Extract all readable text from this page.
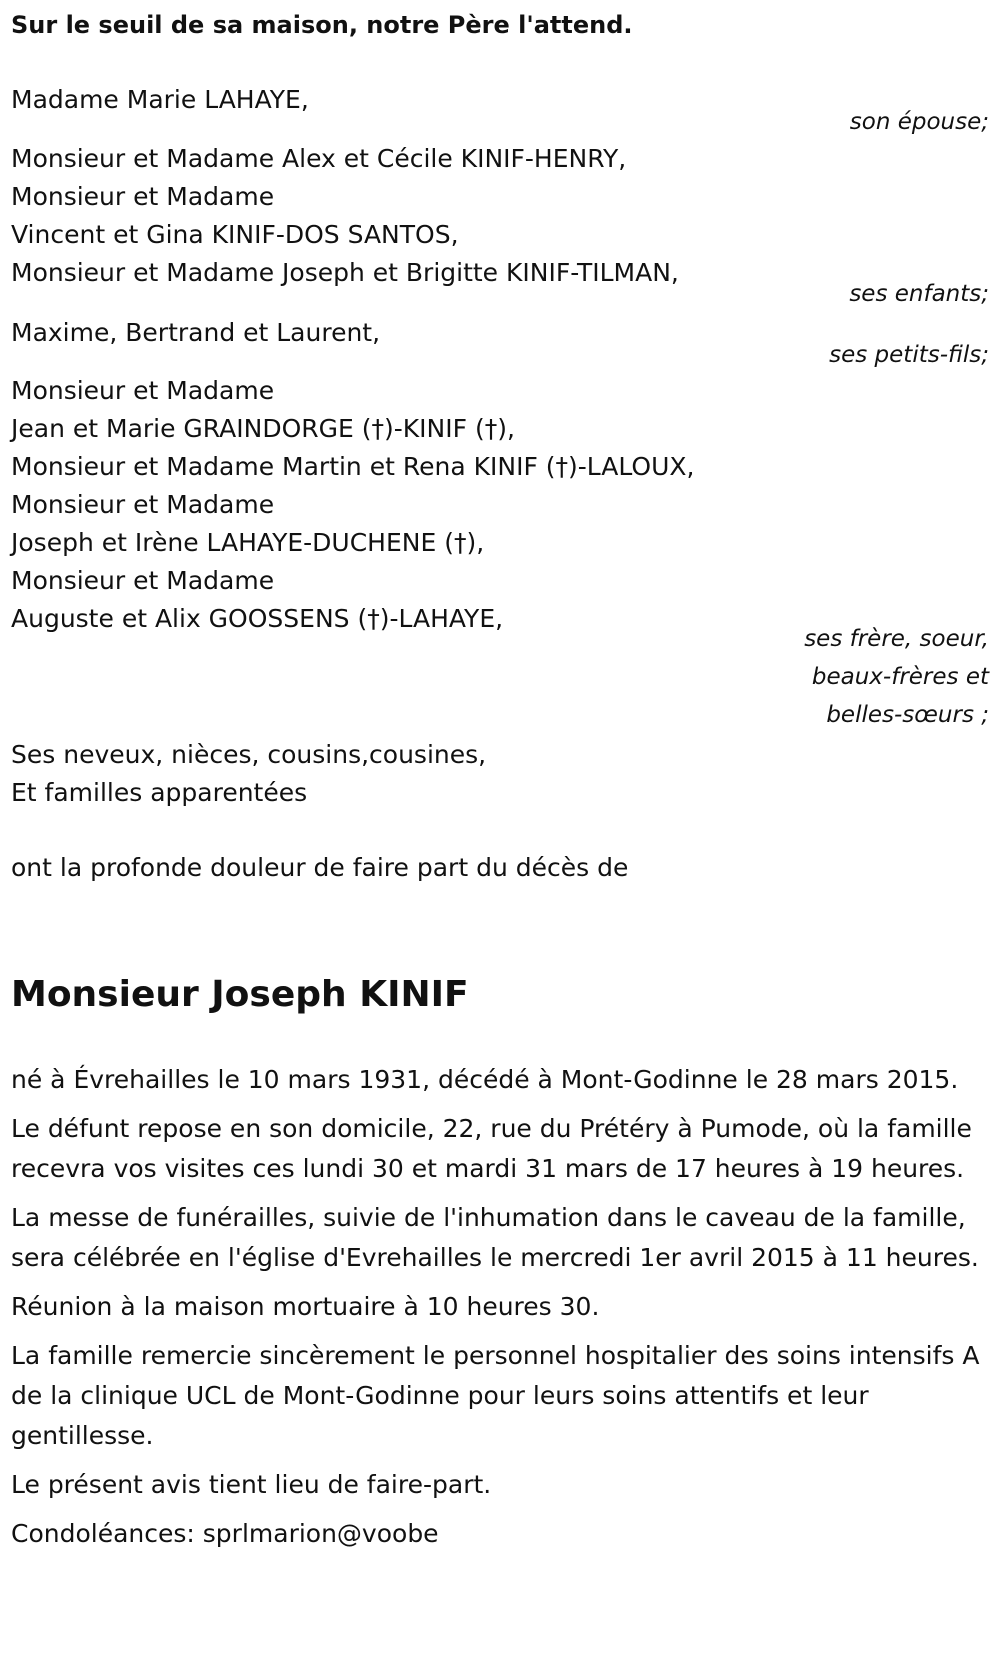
Sur le seuil de sa maison, notre Père l'attend.
Madame Marie LAHAYE,
son épouse;
Monsieur et Madame Alex et Cécile KINIF-HENRY,
Monsieur et Madame
Vincent et Gina KINIF-DOS SANTOS,
Monsieur et Madame Joseph et Brigitte KINIF-TILMAN,
ses enfants;
Maxime, Bertrand et Laurent,
ses petits-fils;
Monsieur et Madame
Jean et Marie GRAINDORGE (†)-KINIF (†),
Monsieur et Madame Martin et Rena KINIF (†)-LALOUX,
Monsieur et Madame
Joseph et Irène LAHAYE-DUCHENE (†),
Monsieur et Madame
Auguste et Alix GOOSSENS (†)-LAHAYE,
ses frère, soeur,
beaux-frères et
belles-sœurs ;
Ses neveux, nièces, cousins,cousines,
Et familles apparentées
ont la profonde douleur de faire part du décès de
Monsieur Joseph KINIF

né à Évrehailles le 10 mars 1931, décédé à Mont-Godinne le 28 mars 2015.

Le défunt repose en son domicile, 22, rue du Prétéry à Pumode, où la famille recevra vos visites ces lundi 30 et mardi 31 mars de 17 heures à 19 heures.

La messe de funérailles, suivie de l'inhumation dans le caveau de la famille, sera célébrée en l'église d'Evrehailles le mercredi 1er avril 2015 à 11 heures.

Réunion à la maison mortuaire à 10 heures 30.

La famille remercie sincèrement le personnel hospitalier des soins intensifs A de la clinique UCL de Mont-Godinne pour leurs soins attentifs et leur gentillesse.

Le présent avis tient lieu de faire-part.

Condoléances: sprlmarion@voobe
